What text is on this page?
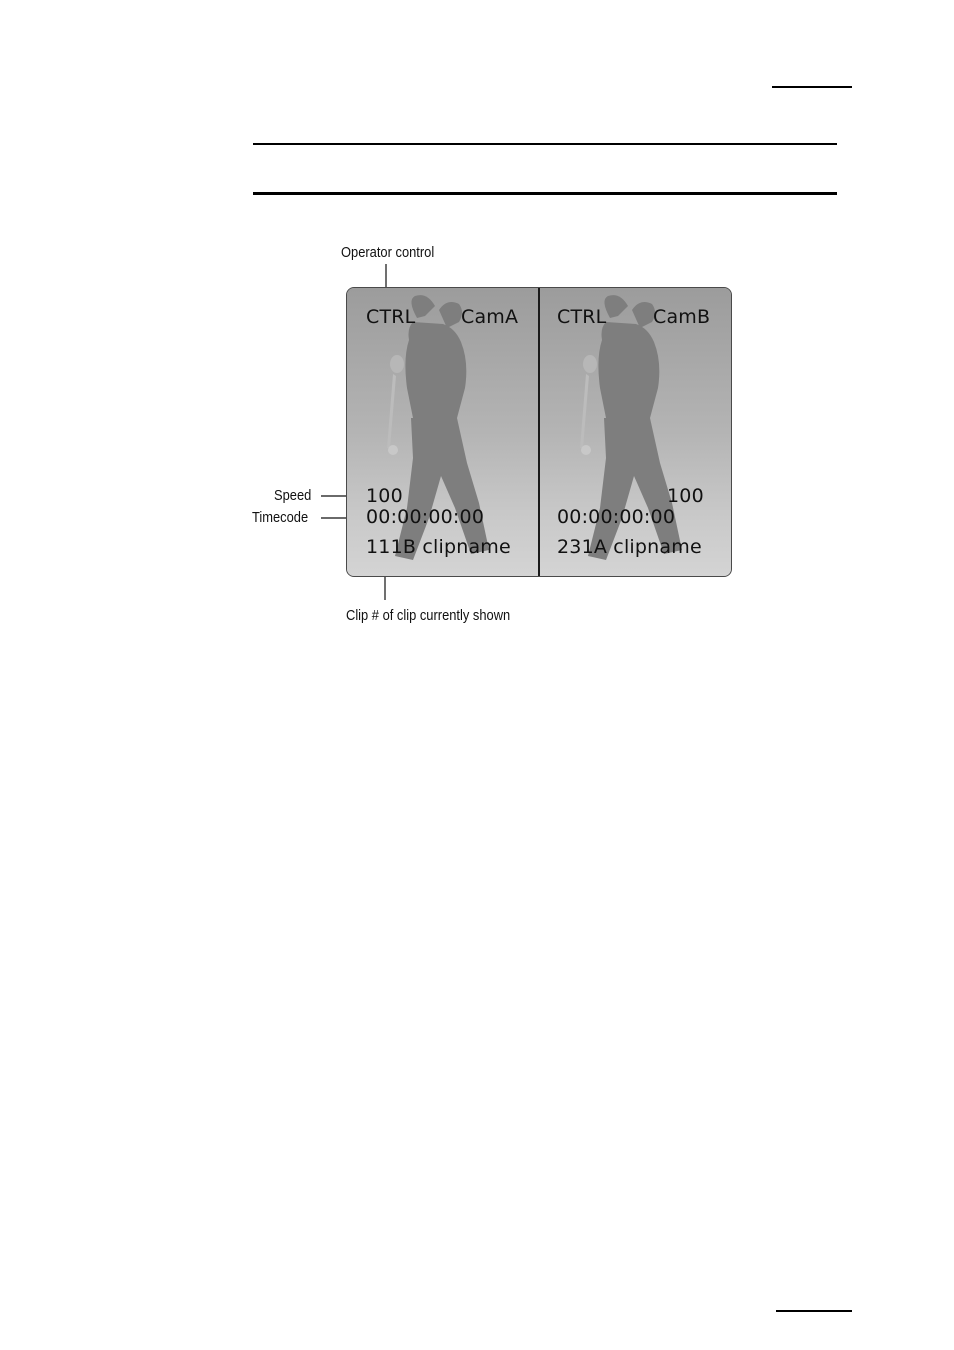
Operator control
Speed
Timecode
Clip # of clip currently shown
CTRL CamA
100
00:00:00:00
111B clipname
CTRL CamB
100
00:00:00:00
231A clipname
